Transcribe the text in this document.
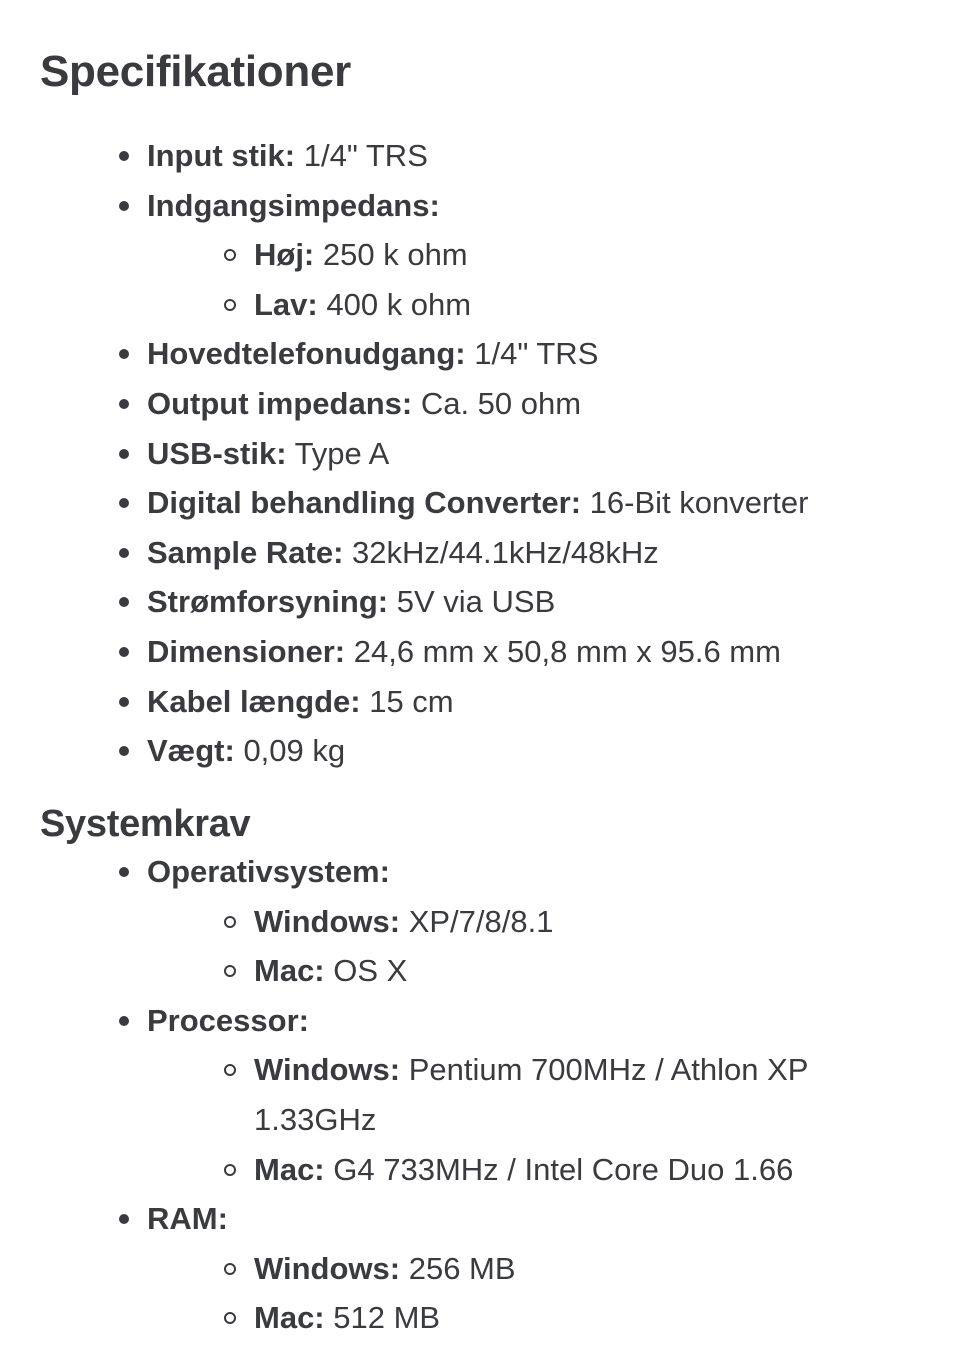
Specifikationer
Input stik: 1/4" TRS
Indgangsimpedans:
Høj: 250 k ohm
Lav: 400 k ohm
Hovedtelefonudgang: 1/4" TRS
Output impedans: Ca. 50 ohm
USB-stik: Type A
Digital behandling Converter: 16-Bit konverter
Sample Rate: 32kHz/44.1kHz/48kHz
Strømforsyning: 5V via USB
Dimensioner: 24,6 mm x 50,8 mm x 95.6 mm
Kabel længde: 15 cm
Vægt: 0,09 kg
Systemkrav
Operativsystem:
Windows: XP/7/8/8.1
Mac: OS X
Processor:
Windows: Pentium 700MHz / Athlon XP 1.33GHz
Mac: G4 733MHz / Intel Core Duo 1.66
RAM:
Windows: 256 MB
Mac: 512 MB
